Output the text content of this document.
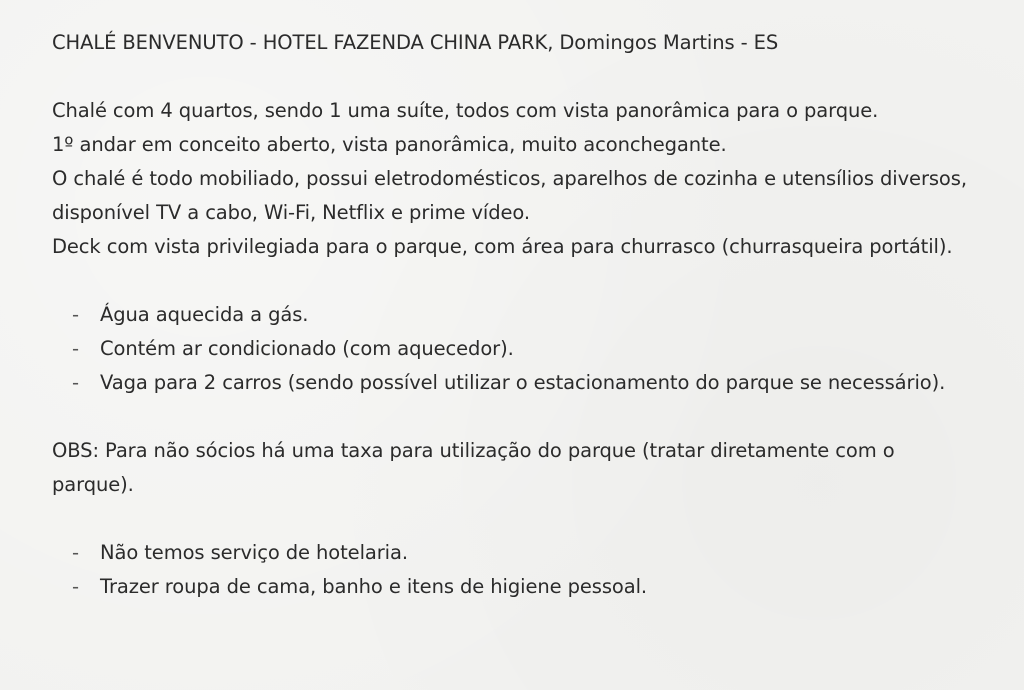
CHALÉ BENVENUTO - HOTEL FAZENDA CHINA PARK, Domingos Martins - ES

Chalé com 4 quartos, sendo 1 uma suíte, todos com vista panorâmica para o parque.

1º andar em conceito aberto, vista panorâmica, muito aconchegante.

O chalé é todo mobiliado, possui eletrodomésticos, aparelhos de cozinha e utensílios diversos, disponível TV a cabo, Wi-Fi, Netflix e prime vídeo.

Deck com vista privilegiada para o parque, com área para churrasco (churrasqueira portátil).

- Água aquecida a gás.
- Contém ar condicionado (com aquecedor).
- Vaga para 2 carros (sendo possível utilizar o estacionamento do parque se necessário).

OBS: Para não sócios há uma taxa para utilização do parque (tratar diretamente com o parque).

- Não temos serviço de hotelaria.
- Trazer roupa de cama, banho e itens de higiene pessoal.
